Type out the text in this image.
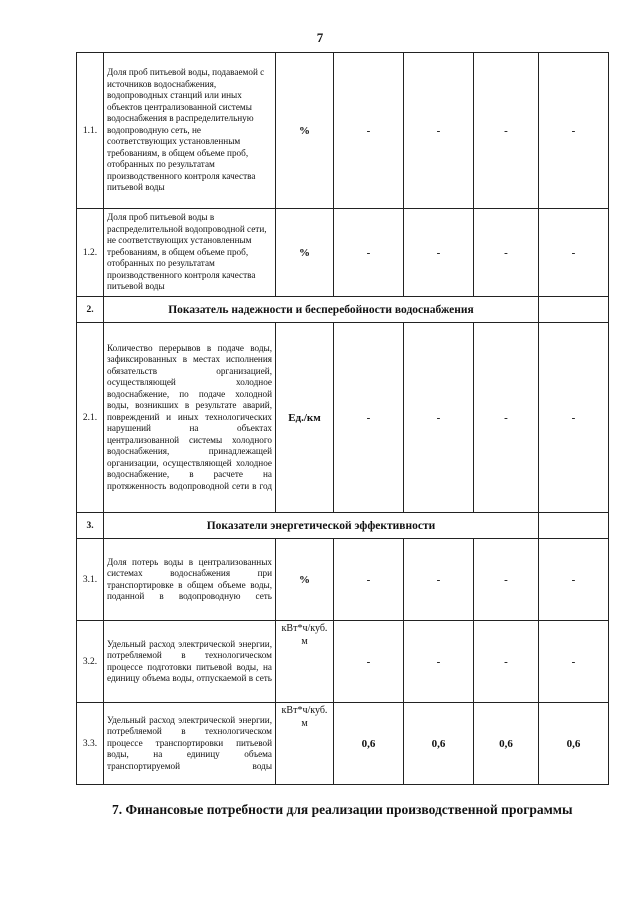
7
1.1.	Доля проб питьевой воды, подаваемой с источников водоснабжения, водопроводных станций или иных объектов централизованной системы водоснабжения в распределительную водопроводную сеть, не соответствующих установленным требованиям, в общем объеме проб, отобранных по результатам производственного контроля качества питьевой воды	%	-	-	-	-
1.2.	Доля проб питьевой воды в распределительной водопроводной сети, не соответствующих установленным требованиям, в общем объеме проб, отобранных по результатам производственного контроля качества питьевой воды	%	-	-	-	-
2.	Показатель надежности и бесперебойности водоснабжения					
2.1.	Количество перерывов в подаче воды, зафиксированных в местах исполнения обязательств организацией, осуществляющей холодное водоснабжение, по подаче холодной воды, возникших в результате аварий, повреждений и иных технологических нарушений на объектах централизованной системы холодного водоснабжения, принадлежащей организации, осуществляющей холодное водоснабжение, в расчете на протяженность водопроводной сети в год	Ед./км	-	-	-	-
3.	Показатели энергетической эффективности					
3.1.	Доля потерь воды в централизованных системах водоснабжения при транспортировке в общем объеме воды, поданной в водопроводную сеть	%	-	-	-	-
3.2.	Удельный расход электрической энергии, потребляемой в технологическом процессе подготовки питьевой воды, на единицу объема воды, отпускаемой в сеть	кВт*ч/куб. м	-	-	-	-
3.3.	Удельный расход электрической энергии, потребляемой в технологическом процессе транспортировки питьевой воды, на единицу объема транспортируемой воды	кВт*ч/куб. м	0,6	0,6	0,6	0,6
7. Финансовые потребности для реализации производственной программы
